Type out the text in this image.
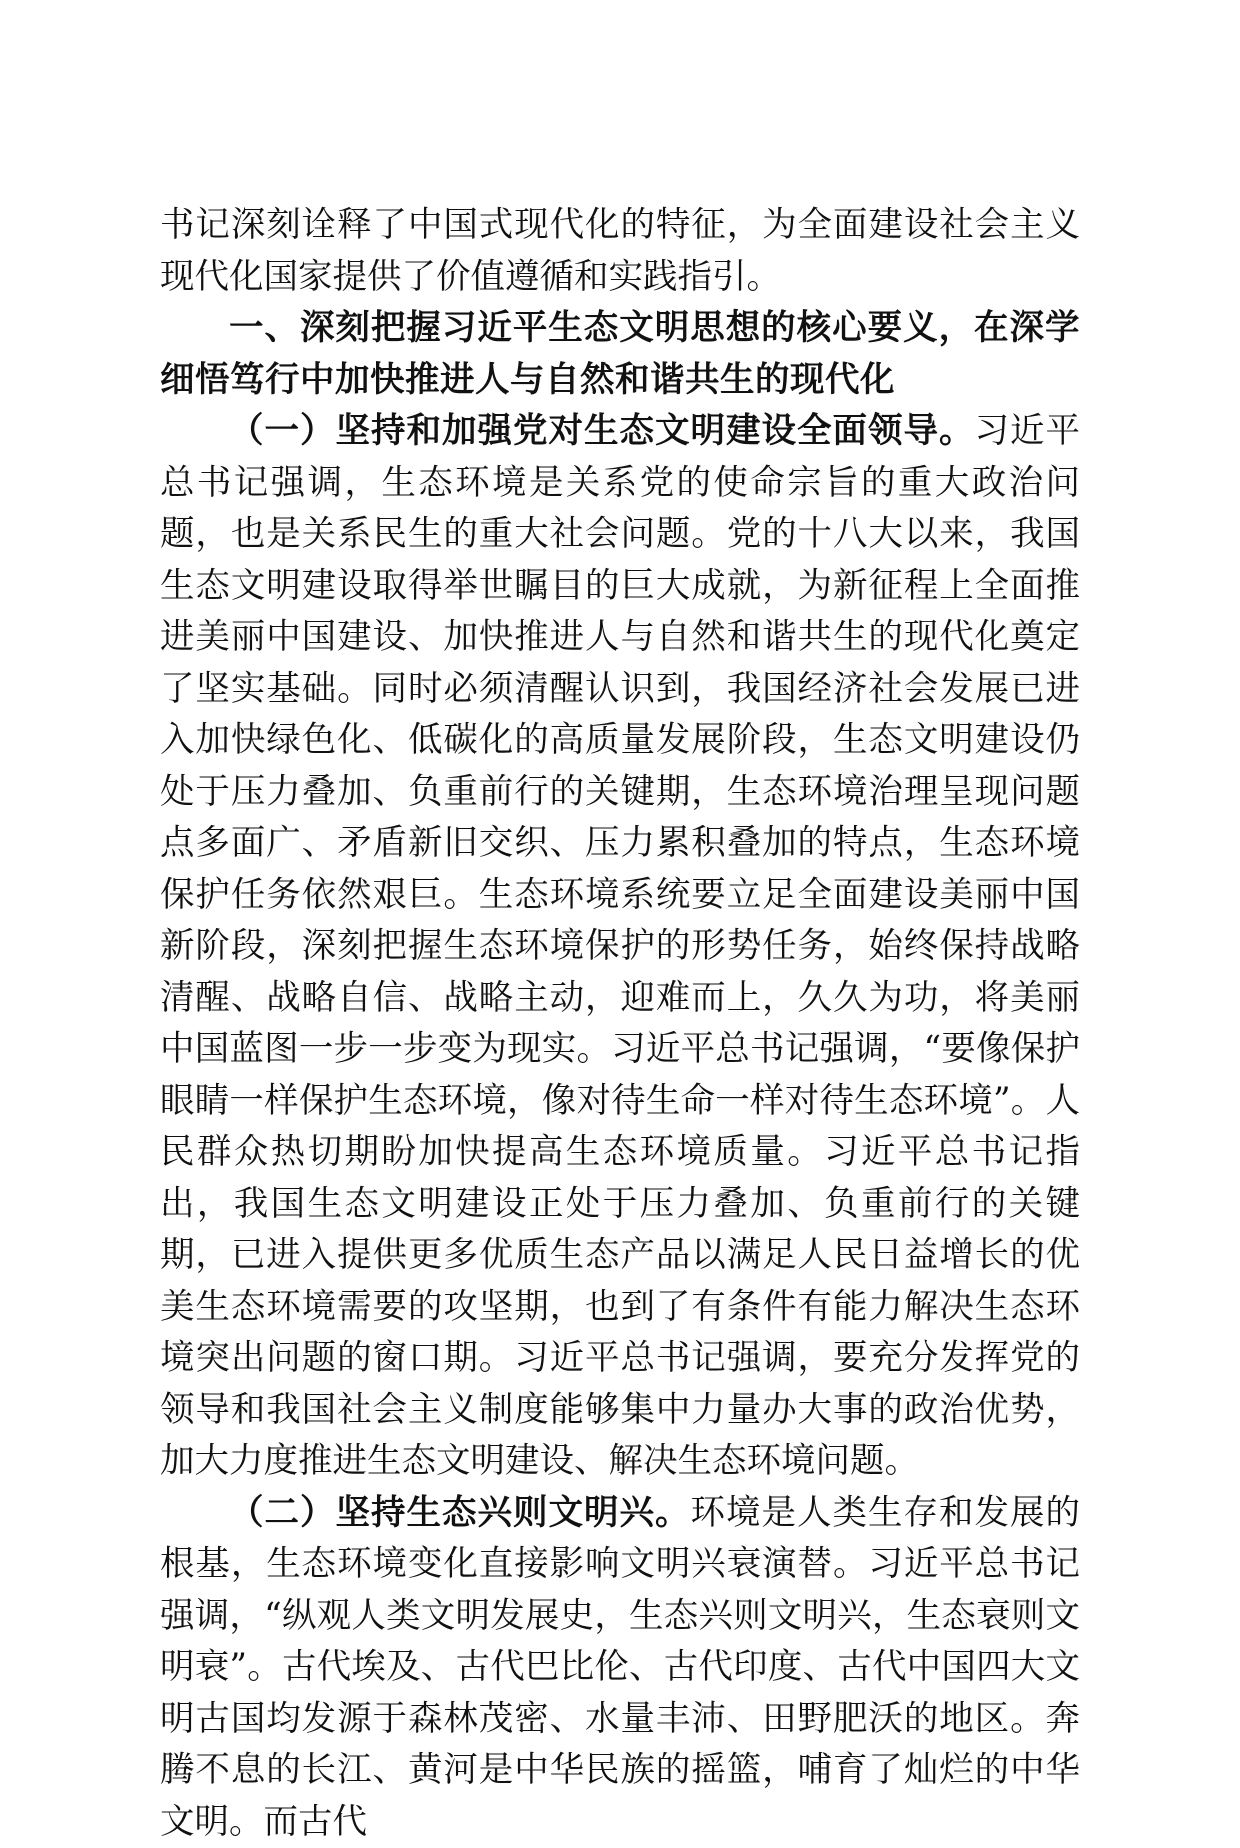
书记深刻诠释了中国式现代化的特征，为全面建设社会主义现代化国家提供了价值遵循和实践指引。

一、深刻把握习近平生态文明思想的核心要义，在深学细悟笃行中加快推进人与自然和谐共生的现代化

（一）坚持和加强党对生态文明建设全面领导。习近平总书记强调，生态环境是关系党的使命宗旨的重大政治问题，也是关系民生的重大社会问题。党的十八大以来，我国生态文明建设取得举世瞩目的巨大成就，为新征程上全面推进美丽中国建设、加快推进人与自然和谐共生的现代化奠定了坚实基础。同时必须清醒认识到，我国经济社会发展已进入加快绿色化、低碳化的高质量发展阶段，生态文明建设仍处于压力叠加、负重前行的关键期，生态环境治理呈现问题点多面广、矛盾新旧交织、压力累积叠加的特点，生态环境保护任务依然艰巨。生态环境系统要立足全面建设美丽中国新阶段，深刻把握生态环境保护的形势任务，始终保持战略清醒、战略自信、战略主动，迎难而上，久久为功，将美丽中国蓝图一步一步变为现实。习近平总书记强调，“要像保护眼睛一样保护生态环境，像对待生命一样对待生态环境”。人民群众热切期盼加快提高生态环境质量。习近平总书记指出，我国生态文明建设正处于压力叠加、负重前行的关键期，已进入提供更多优质生态产品以满足人民日益增长的优美生态环境需要的攻坚期，也到了有条件有能力解决生态环境突出问题的窗口期。习近平总书记强调，要充分发挥党的领导和我国社会主义制度能够集中力量办大事的政治优势，加大力度推进生态文明建设、解决生态环境问题。

（二）坚持生态兴则文明兴。环境是人类生存和发展的根基，生态环境变化直接影响文明兴衰演替。习近平总书记强调，“纵观人类文明发展史，生态兴则文明兴，生态衰则文明衰”。古代埃及、古代巴比伦、古代印度、古代中国四大文明古国均发源于森林茂密、水量丰沛、田野肥沃的地区。奔腾不息的长江、黄河是中华民族的摇篮，哺育了灿烂的中华文明。而古代
